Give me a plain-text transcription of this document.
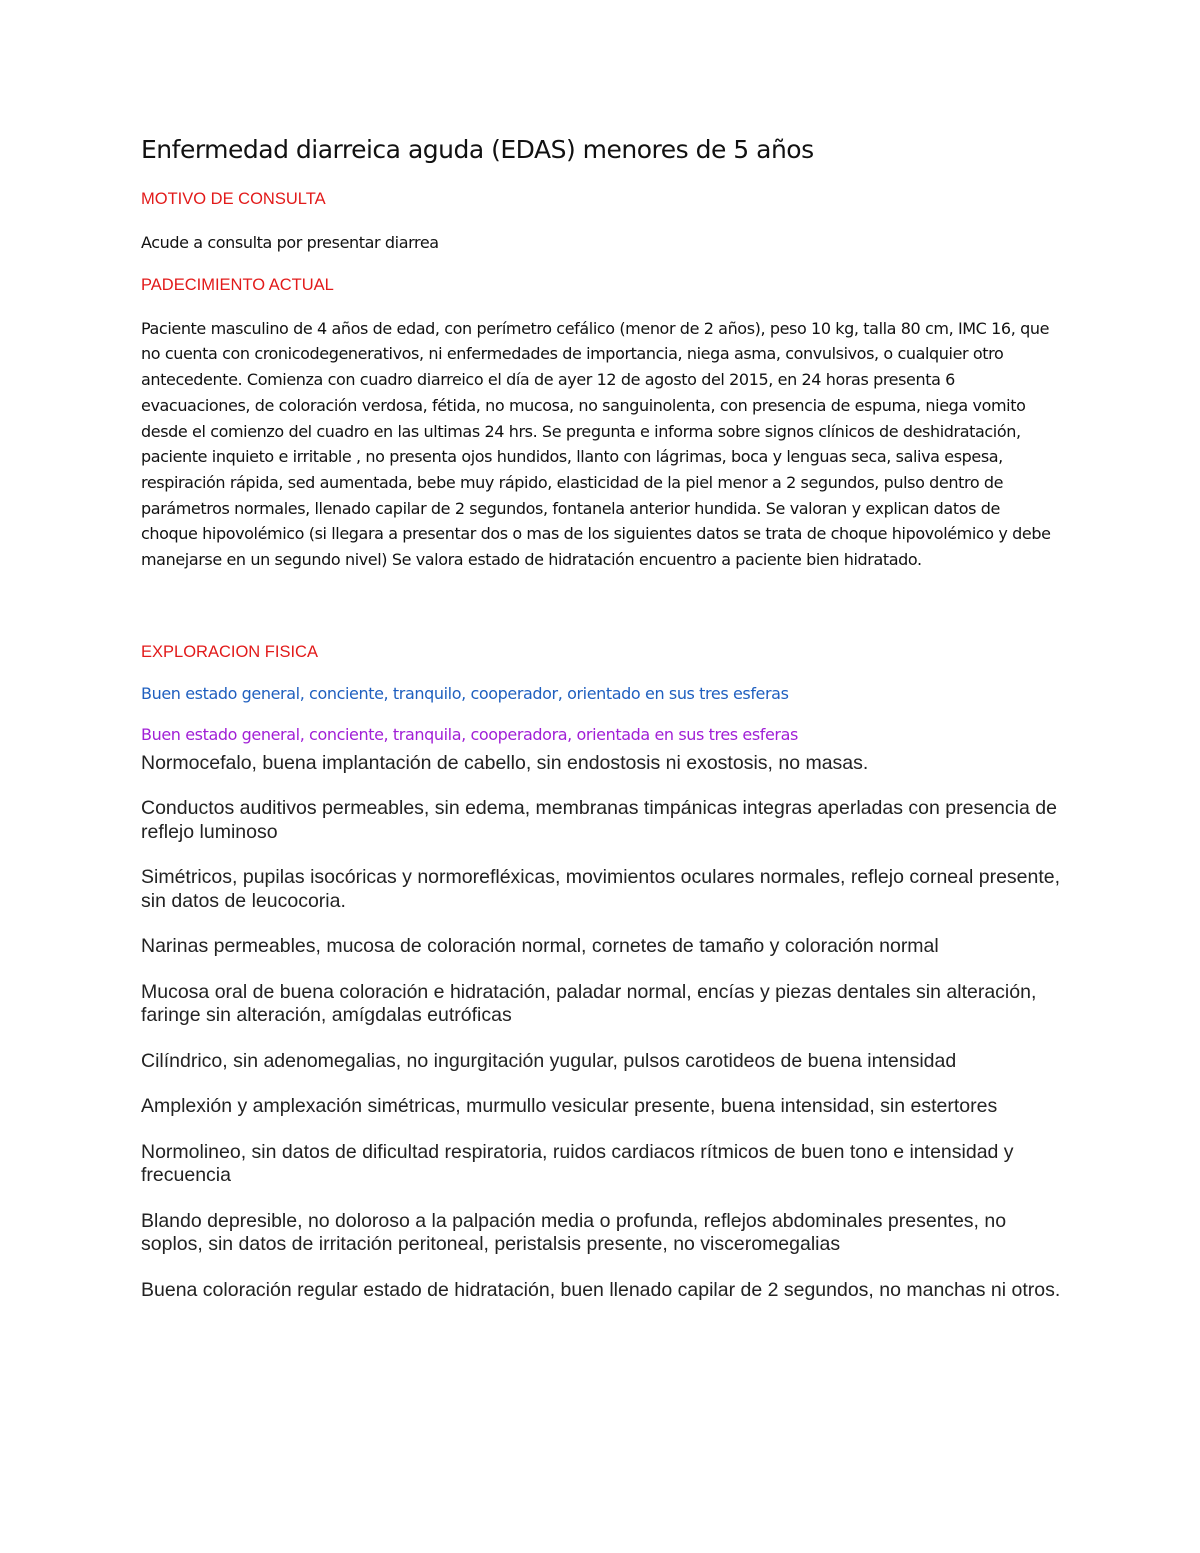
Enfermedad diarreica aguda (EDAS) menores de 5 años
MOTIVO DE CONSULTA

Acude a consulta por presentar diarrea

PADECIMIENTO ACTUAL

Paciente masculino de 4 años de edad, con perímetro cefálico (menor de 2 años), peso 10 kg, talla 80 cm, IMC 16, que no cuenta con cronicodegenerativos, ni enfermedades de importancia, niega asma, convulsivos, o cualquier otro antecedente. Comienza con cuadro diarreico el día de ayer 12 de agosto del 2015, en 24 horas presenta 6 evacuaciones, de coloración verdosa, fétida, no mucosa, no sanguinolenta, con presencia de espuma, niega vomito desde el comienzo del cuadro en las ultimas 24 hrs. Se pregunta e informa sobre signos clínicos de deshidratación, paciente inquieto e irritable , no presenta ojos hundidos, llanto con lágrimas, boca y lenguas seca, saliva espesa, respiración rápida, sed aumentada, bebe muy rápido, elasticidad de la piel menor a 2 segundos, pulso dentro de parámetros normales, llenado capilar de 2 segundos, fontanela anterior hundida. Se valoran y explican datos de choque hipovolémico (si llegara a presentar dos o mas de los siguientes datos se trata de choque hipovolémico y debe manejarse en un segundo nivel) Se valora estado de hidratación encuentro a paciente bien hidratado.

EXPLORACION FISICA

Buen estado general, conciente, tranquilo, cooperador, orientado en sus tres esferas

Buen estado general, conciente, tranquila, cooperadora, orientada en sus tres esferas

Normocefalo, buena implantación de cabello, sin endostosis ni exostosis, no masas.

Conductos auditivos permeables, sin edema, membranas timpánicas integras aperladas con presencia de reflejo luminoso

Simétricos, pupilas isocóricas y normorefléxicas, movimientos oculares normales, reflejo corneal presente, sin datos de leucocoria.

Narinas permeables, mucosa de coloración normal, cornetes de tamaño y coloración normal

Mucosa oral de buena coloración e hidratación, paladar normal, encías y piezas dentales sin alteración, faringe sin alteración, amígdalas eutróficas

Cilíndrico, sin adenomegalias, no ingurgitación yugular, pulsos carotideos de buena intensidad

Amplexión y amplexación simétricas, murmullo vesicular presente, buena intensidad, sin estertores

Normolineo, sin datos de dificultad respiratoria, ruidos cardiacos rítmicos de buen tono e intensidad y frecuencia

Blando depresible, no doloroso a la palpación media o profunda, reflejos abdominales presentes, no soplos, sin datos de irritación peritoneal, peristalsis presente, no visceromegalias

Buena coloración regular estado de hidratación, buen llenado capilar de 2 segundos, no manchas ni otros.
